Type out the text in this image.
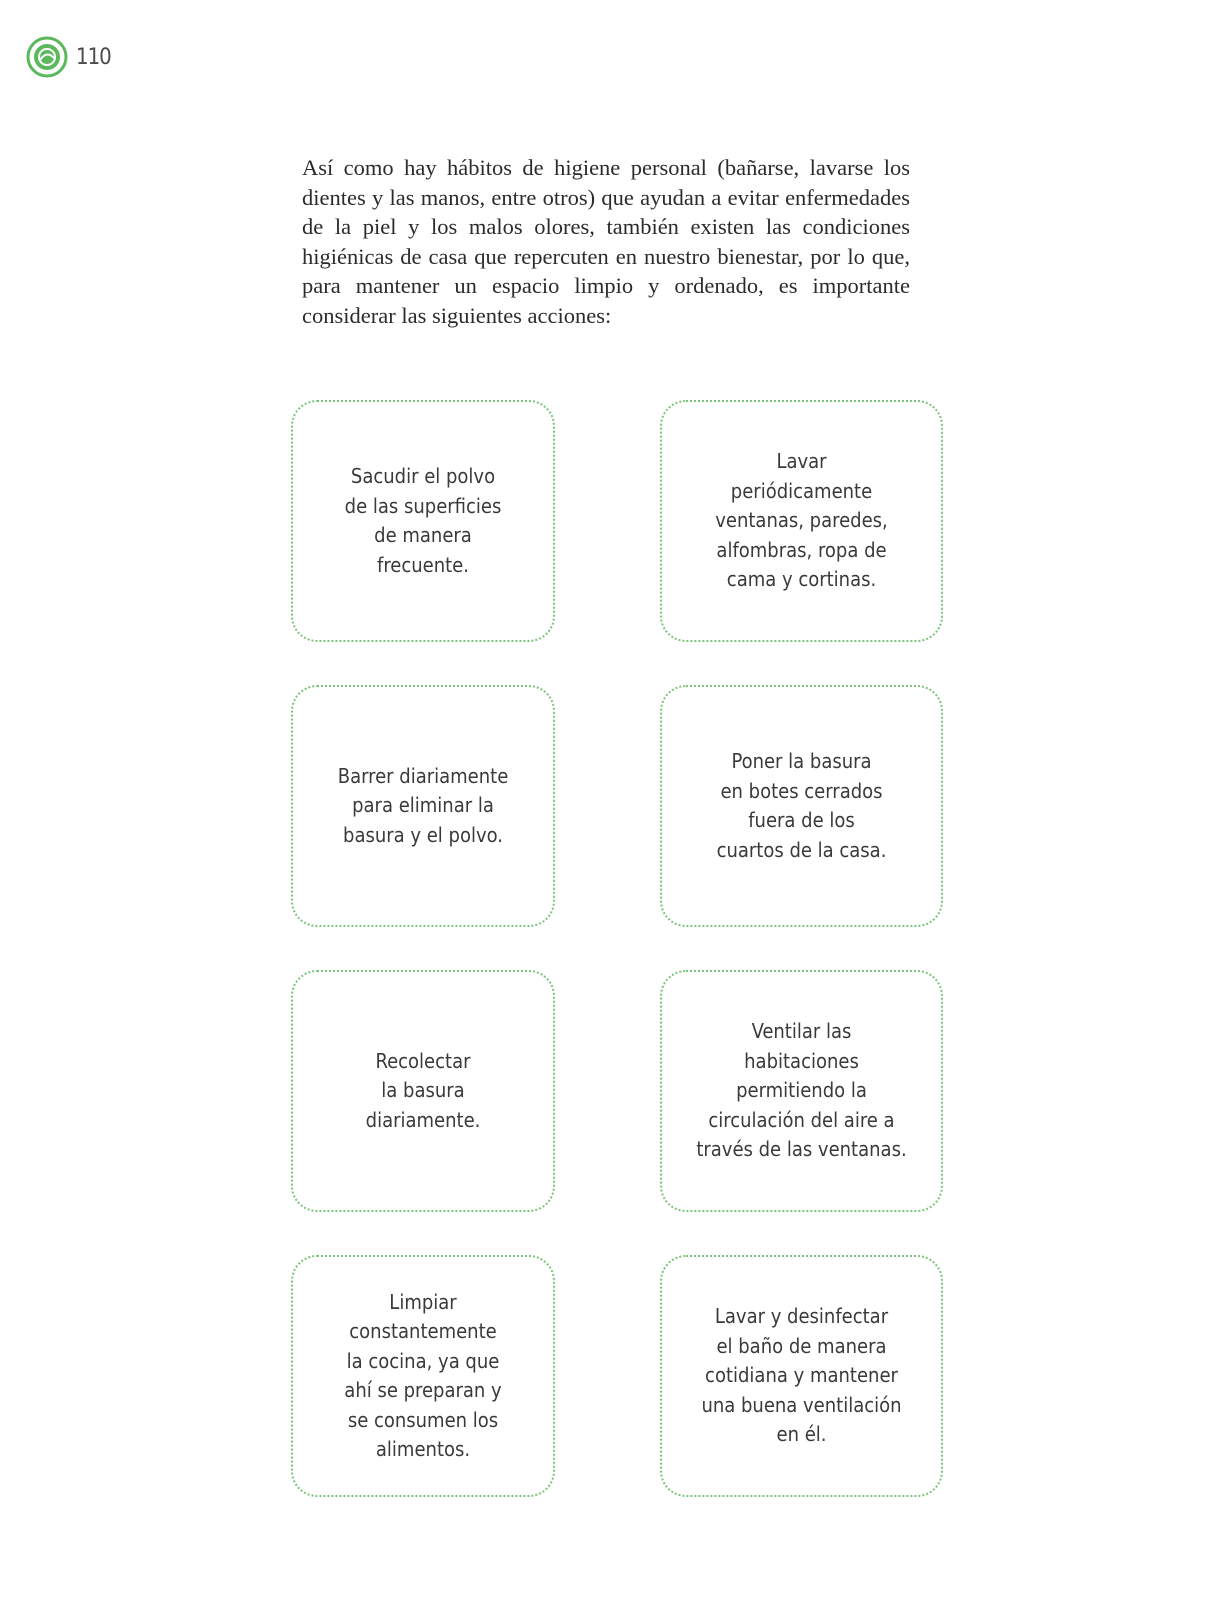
110

Así como hay hábitos de higiene personal (bañarse, lavarse los dientes y las manos, entre otros) que ayudan a evitar enfermedades de la piel y los malos olores, también existen las condiciones higiénicas de casa que repercuten en nuestro bienestar, por lo que, para mantener un espacio limpio y ordenado, es importante considerar las siguientes acciones:

Sacudir el polvo
de las superficies
de manera
frecuente.
Lavar
periódicamente
ventanas, paredes,
alfombras, ropa de
cama y cortinas.
Barrer diariamente
para eliminar la
basura y el polvo.
Poner la basura
en botes cerrados
fuera de los
cuartos de la casa.
Recolectar
la basura
diariamente.
Ventilar las
habitaciones
permitiendo la
circulación del aire a
través de las ventanas.
Limpiar
constantemente
la cocina, ya que
ahí se preparan y
se consumen los
alimentos.
Lavar y desinfectar
el baño de manera
cotidiana y mantener
una buena ventilación
en él.
